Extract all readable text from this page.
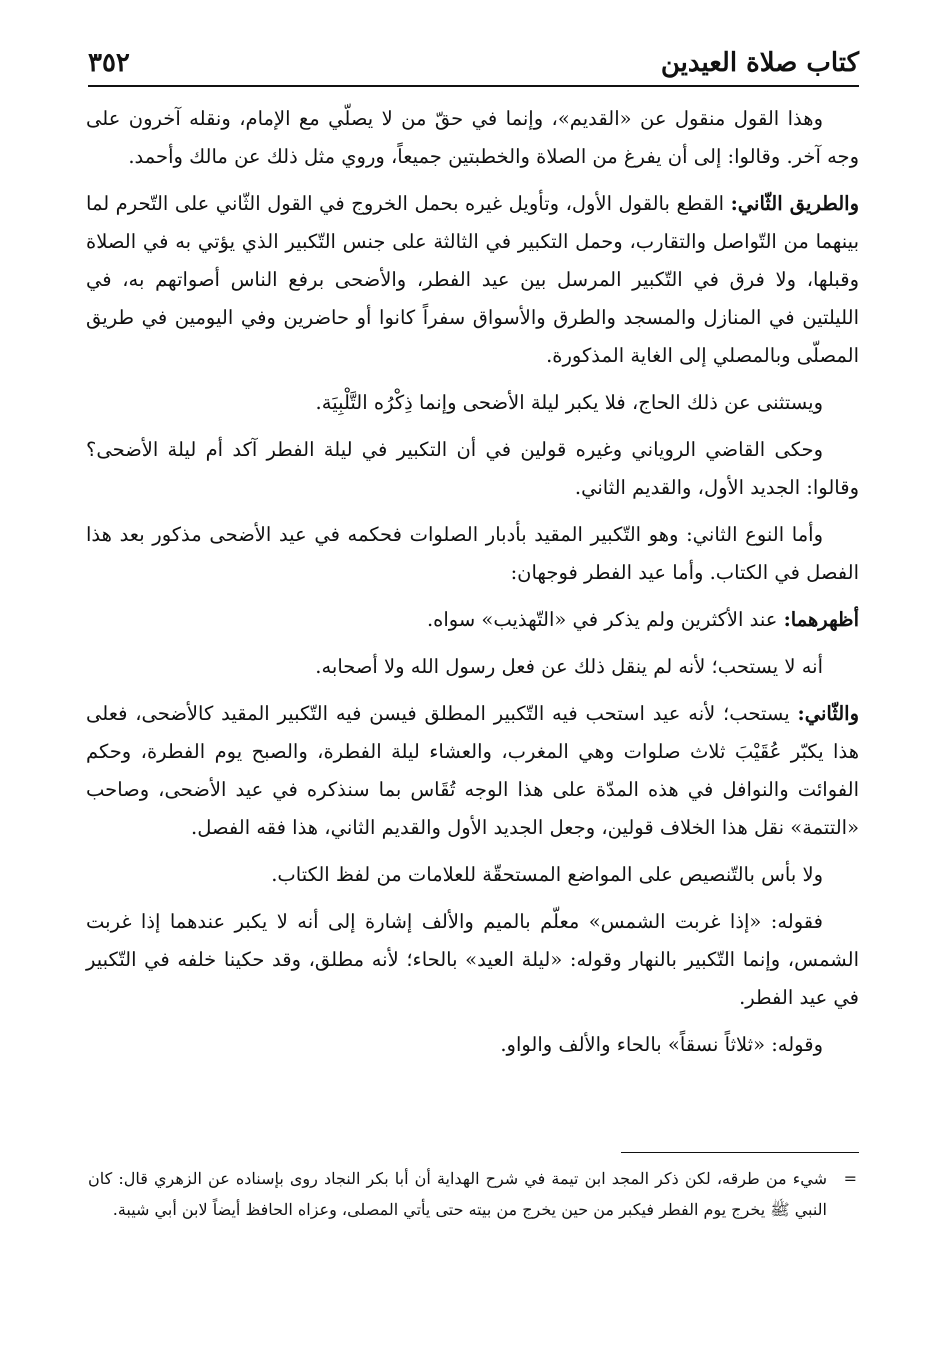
كتاب صلاة العيدين
٣٥٢

وهذا القول منقول عن «القديم»، وإنما في حقّ من لا يصلّي مع الإمام، ونقله آخرون على وجه آخر. وقالوا: إلى أن يفرغ من الصلاة والخطبتين جميعاً، وروي مثل ذلك عن مالك وأحمد.

والطريق الثّاني: القطع بالقول الأول، وتأويل غيره بحمل الخروج في القول الثّاني على التّحرم لما بينهما من التّواصل والتقارب، وحمل التكبير في الثالثة على جنس التّكبير الذي يؤتي به في الصلاة وقبلها، ولا فرق في التّكبير المرسل بين عيد الفطر، والأضحى برفع الناس أصواتهم به، في الليلتين في المنازل والمسجد والطرق والأسواق سفراً كانوا أو حاضرين وفي اليومين في طريق المصلّى وبالمصلي إلى الغاية المذكورة.

ويستثنى عن ذلك الحاج، فلا يكبر ليلة الأضحى وإنما ذِكْرُه التَّلْبِيَة.

وحكى القاضي الروياني وغيره قولين في أن التكبير في ليلة الفطر آكد أم ليلة الأضحى؟ وقالوا: الجديد الأول، والقديم الثاني.

وأما النوع الثاني: وهو التّكبير المقيد بأدبار الصلوات فحكمه في عيد الأضحى مذكور بعد هذا الفصل في الكتاب. وأما عيد الفطر فوجهان:

أظهرهما: عند الأكثرين ولم يذكر في «التّهذيب» سواه.

أنه لا يستحب؛ لأنه لم ينقل ذلك عن فعل رسول الله ولا أصحابه.

والثّاني: يستحب؛ لأنه عيد استحب فيه التّكبير المطلق فيسن فيه التّكبير المقيد كالأضحى، فعلى هذا يكبّر عُقَيْبَ ثلاث صلوات وهي المغرب، والعشاء ليلة الفطرة، والصبح يوم الفطرة، وحكم الفوائت والنوافل في هذه المدّة على هذا الوجه تُقَاس بما سنذكره في عيد الأضحى، وصاحب «التتمة» نقل هذا الخلاف قولين، وجعل الجديد الأول والقديم الثاني، هذا فقه الفصل.

ولا بأس بالتّنصيص على المواضع المستحقّة للعلامات من لفظ الكتاب.

فقوله: «إذا غربت الشمس» معلّم بالميم والألف إشارة إلى أنه لا يكبر عندهما إذا غربت الشمس، وإنما التّكبير بالنهار وقوله: «ليلة العيد» بالحاء؛ لأنه مطلق، وقد حكينا خلفه في التّكبير في عيد الفطر.

وقوله: «ثلاثاً نسقاً» بالحاء والألف والواو.

=
شيء من طرقه، لكن ذكر المجد ابن تيمة في شرح الهداية أن أبا بكر النجاد روى بإسناده عن الزهري قال: كان النبي ﷺ يخرج يوم الفطر فيكبر من حين يخرج من بيته حتى يأتي المصلى، وعزاه الحافظ أيضاً لابن أبي شيبة.
